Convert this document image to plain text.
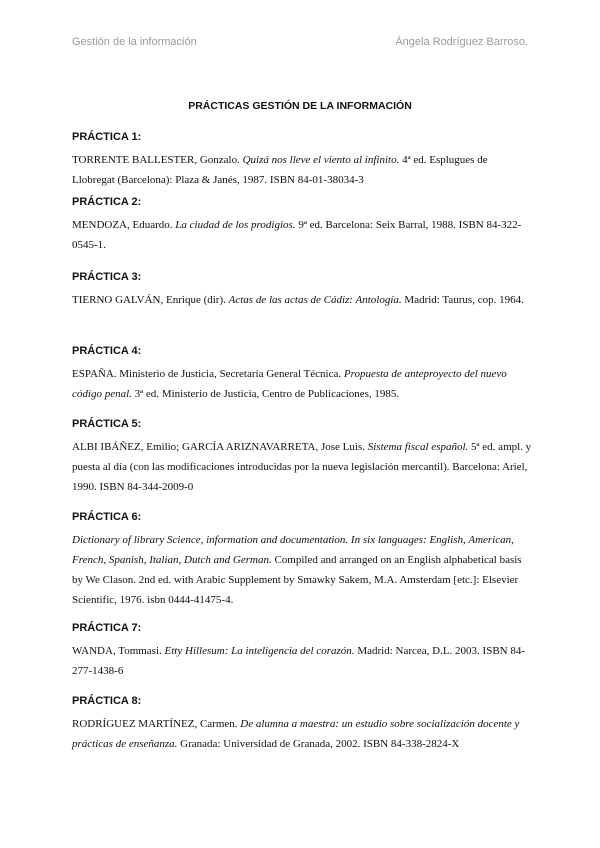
Gestión de la información	Ángela Rodríguez Barroso.
PRÁCTICAS GESTIÓN DE LA INFORMACIÓN

PRÁCTICA 1:

TORRENTE BALLESTER, Gonzalo. Quizá nos lleve el viento al infinito. 4ª ed. Esplugues de Llobregat (Barcelona): Plaza & Janés, 1987. ISBN 84-01-38034-3

PRÁCTICA 2:

MENDOZA, Eduardo. La ciudad de los prodigios. 9ª ed. Barcelona: Seix Barral, 1988. ISBN 84-322-0545-1.

PRÁCTICA 3:

TIERNO GALVÁN, Enrique (dir). Actas de las actas de Cádiz: Antología. Madrid: Taurus, cop. 1964.

PRÁCTICA 4:

ESPAÑA. Ministerio de Justicia, Secretaría General Técnica. Propuesta de anteproyecto del nuevo código penal. 3ª ed. Ministerio de Justicia, Centro de Publicaciones, 1985.

PRÁCTICA 5:

ALBI IBÁÑEZ, Emilio; GARCÍA ARIZNAVARRETA, Jose Luis. Sistema fiscal español. 5ª ed. ampl. y puesta al día (con las modificaciones introducidas por la nueva legislación mercantil). Barcelona: Ariel, 1990. ISBN 84-344-2009-0

PRÁCTICA 6:

Dictionary of library Science, information and documentation. In six languages: English, American, French, Spanish, Italian, Dutch and German. Compiled and arranged on an English alphabetical basis by We Clason. 2nd ed. with Arabic Supplement by Smawky Sakem, M.A. Amsterdam [etc.]: Elsevier Scientific, 1976. isbn 0444-41475-4.

PRÁCTICA 7:

WANDA, Tommasi. Etty Hillesum: La inteligencia del corazón. Madrid: Narcea, D.L. 2003. ISBN 84-277-1438-6

PRÁCTICA 8:

RODRÍGUEZ MARTÍNEZ, Carmen. De alumna a maestra: un estudio sobre socialización docente y prácticas de enseñanza. Granada: Universidad de Granada, 2002. ISBN 84-338-2824-X
